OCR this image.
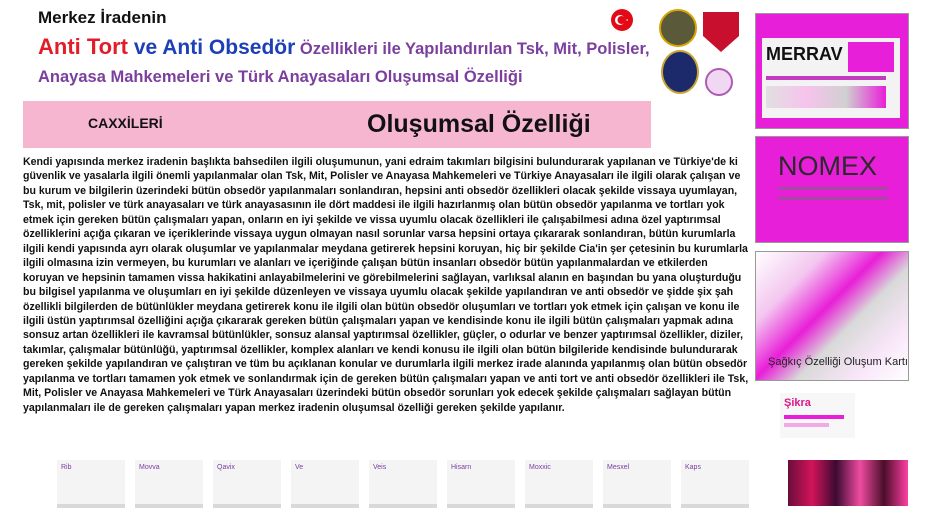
Merkez İradenin
Anti Tort ve Anti Obsedör Özellikleri ile Yapılandırılan Tsk, Mit, Polisler, Anayasa Mahkemeleri ve Türk Anayasaları Oluşumsal Özelliği
CAXXİLERİ	Oluşumsal Özelliği

Kendi yapısında merkez iradenin başlıkta bahsedilen ilgili oluşumunun, yani edraim takımları bilgisini bulundurarak yapılanan ve Türkiye'de ki güvenlik ve yasalarla ilgili önemli yapılanmalar olan Tsk, Mit, Polisler ve Anayasa Mahkemeleri ve Türkiye Anayasaları ile ilgili olarak çalışan ve bu kurum ve bilgilerin üzerindeki bütün obsedör yapılanmaları sonlandıran, hepsini anti obsedör özellikleri olacak şekilde vissaya uyumlayan, Tsk, mit, polisler ve türk anayasaları ve türk anayasasının ile dört maddesi ile ilgili hazırlanmış olan bütün obsedör yapılanma ve tortları yok etmek için gereken bütün çalışmaları yapan, onların en iyi şekilde ve vissa uyumlu olacak özellikleri ile çalışabilmesi adına özel yaptırımsal özelliklerini açığa çıkaran ve içeriklerinde vissaya uygun olmayan nasıl sorunlar varsa hepsini ortaya çıkararak sonlandıran, bütün kurumlarla ilgili kendi yapısında ayrı olarak oluşumlar ve yapılanmalar meydana getirerek hepsini koruyan, hiç bir şekilde Cia'in şer çetesinin bu kurumlarla ilgili olmasına izin vermeyen, bu kurumları ve alanları ve içeriğinde çalışan bütün insanları obsedör bütün yapılanmalardan ve etkilerden koruyan ve hepsinin tamamen vissa hakikatini anlayabilmelerini ve görebilmelerini sağlayan, varlıksal alanın en başından bu yana oluşturduğu bu bilgisel yapılanma ve oluşumları en iyi şekilde düzenleyen ve vissaya uyumlu olacak şekilde yapılandıran ve anti obsedör ve şidde şix şah özellikli bilgilerden de bütünlükler meydana getirerek konu ile ilgili olan bütün obsedör oluşumları ve tortları yok etmek için çalışan ve konu ile ilgili üstün yaptırımsal özelliğini açığa çıkararak gereken bütün çalışmaları yapan ve kendisinde konu ile ilgili bütün çalışmaları yapmak adına sonsuz artan özellikleri ile kavramsal bütünlükler, sonsuz alansal yaptırımsal özellikler, güçler, o odurlar ve benzer yaptırımsal özellikler, diziler, takımlar, çalışmalar bütünlüğü, yaptırımsal özellikler, komplex alanları ve kendi konusu ile ilgili olan bütün bilgileride kendisinde bulundurarak gereken şekilde yapılandıran ve çalıştıran ve tüm bu açıklanan konular ve durumlarla ilgili merkez irade alanında yapılanmış olan bütün obsedör yapılanma ve tortları tamamen yok etmek ve sonlandırmak için de gereken bütün çalışmaları yapan ve anti tort ve anti obsedör özellikleri ile Tsk, Mit, Polisler ve Anayasa Mahkemeleri ve Türk Anayasaları üzerindeki bütün obsedör sorunları yok edecek şekilde çalışmaları sağlayan bütün yapılanmaları ile de gereken çalışmaları yapan merkez iradenin oluşumsal özelliği gereken şekilde yapılanır.

MERRAV
NOMEX
Şağkıç Özelliği Oluşum Kartı
Şikra
Rib	Movva	Qavix	Ve	Veis	Hisarn	Moxxic	Mesxel	Kaps
